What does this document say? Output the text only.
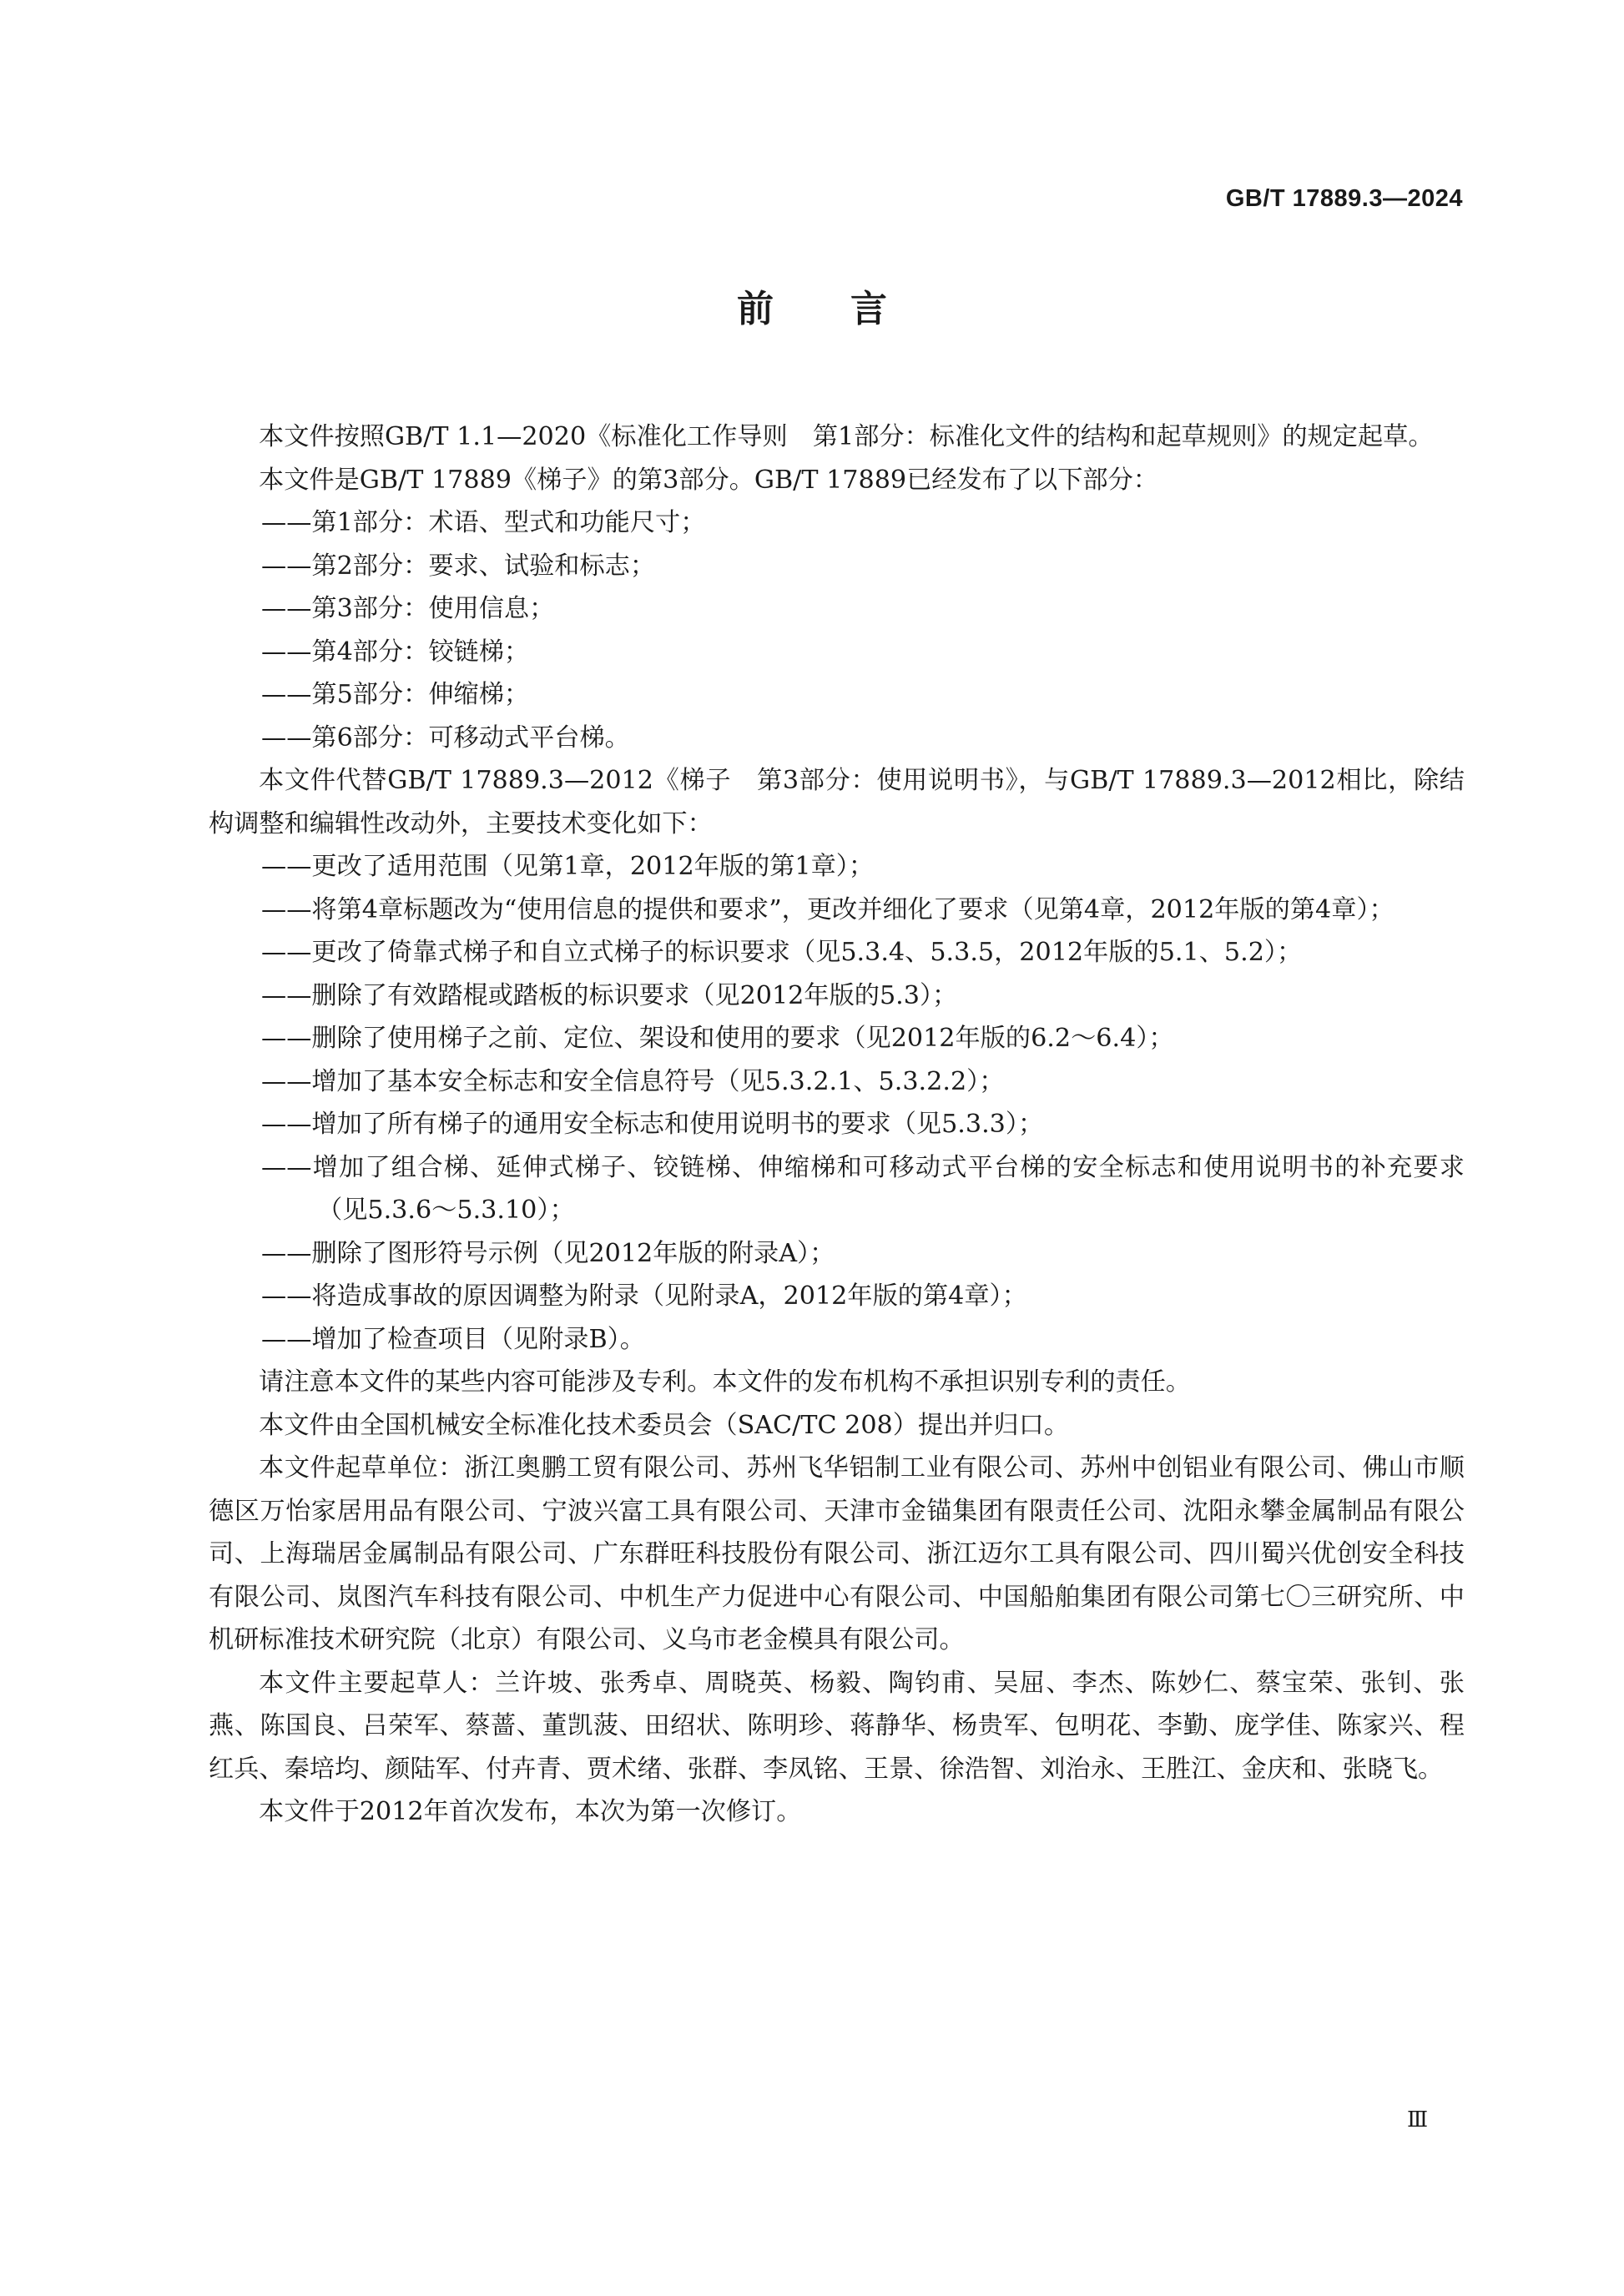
GB/T 17889.3—2024
前言

本文件按照GB/T 1.1—2020《标准化工作导则　第1部分：标准化文件的结构和起草规则》的规定起草。

本文件是GB/T 17889《梯子》的第3部分。GB/T 17889已经发布了以下部分：

——第1部分：术语、型式和功能尺寸；

——第2部分：要求、试验和标志；

——第3部分：使用信息；

——第4部分：铰链梯；

——第5部分：伸缩梯；

——第6部分：可移动式平台梯。

本文件代替GB/T 17889.3—2012《梯子　第3部分：使用说明书》，与GB/T 17889.3—2012相比，除结构调整和编辑性改动外，主要技术变化如下：

——更改了适用范围（见第1章，2012年版的第1章）；

——将第4章标题改为“使用信息的提供和要求”，更改并细化了要求（见第4章，2012年版的第4章）；

——更改了倚靠式梯子和自立式梯子的标识要求（见5.3.4、5.3.5，2012年版的5.1、5.2）；

——删除了有效踏棍或踏板的标识要求（见2012年版的5.3）；

——删除了使用梯子之前、定位、架设和使用的要求（见2012年版的6.2～6.4）；

——增加了基本安全标志和安全信息符号（见5.3.2.1、5.3.2.2）；

——增加了所有梯子的通用安全标志和使用说明书的要求（见5.3.3）；

——增加了组合梯、延伸式梯子、铰链梯、伸缩梯和可移动式平台梯的安全标志和使用说明书的补充要求（见5.3.6～5.3.10）；

——删除了图形符号示例（见2012年版的附录A）；

——将造成事故的原因调整为附录（见附录A，2012年版的第4章）；

——增加了检查项目（见附录B）。

请注意本文件的某些内容可能涉及专利。本文件的发布机构不承担识别专利的责任。

本文件由全国机械安全标准化技术委员会（SAC/TC 208）提出并归口。

本文件起草单位：浙江奥鹏工贸有限公司、苏州飞华铝制工业有限公司、苏州中创铝业有限公司、佛山市顺德区万怡家居用品有限公司、宁波兴富工具有限公司、天津市金锚集团有限责任公司、沈阳永攀金属制品有限公司、上海瑞居金属制品有限公司、广东群旺科技股份有限公司、浙江迈尔工具有限公司、四川蜀兴优创安全科技有限公司、岚图汽车科技有限公司、中机生产力促进中心有限公司、中国船舶集团有限公司第七〇三研究所、中机研标准技术研究院（北京）有限公司、义乌市老金模具有限公司。

本文件主要起草人：兰许坡、张秀卓、周晓英、杨毅、陶钧甫、吴屈、李杰、陈妙仁、蔡宝荣、张钊、张燕、陈国良、吕荣军、蔡蔷、董凯菠、田绍状、陈明珍、蒋静华、杨贵军、包明花、李勤、庞学佳、陈家兴、程红兵、秦培均、颜陆军、付卉青、贾术绪、张群、李凤铭、王景、徐浩智、刘治永、王胜江、金庆和、张晓飞。

本文件于2012年首次发布，本次为第一次修订。

Ⅲ
